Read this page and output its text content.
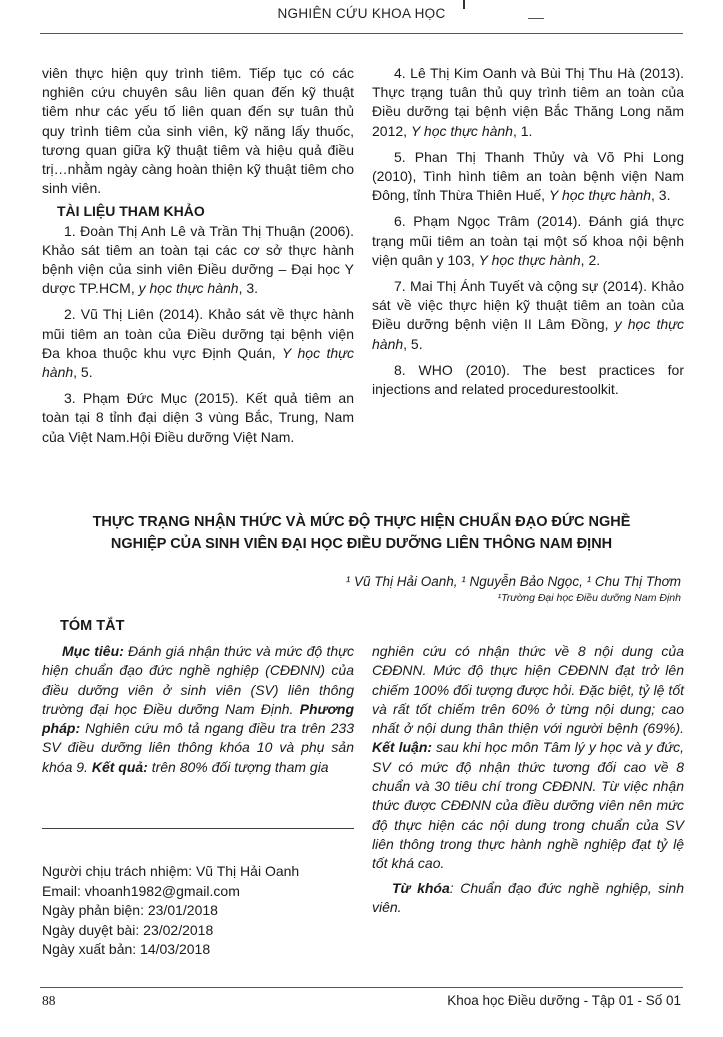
NGHIÊN CỨU KHOA HỌC

viên thực hiện quy trình tiêm. Tiếp tục có các nghiên cứu chuyên sâu liên quan đến kỹ thuật tiêm như các yếu tố liên quan đến sự tuân thủ quy trình tiêm của sinh viên, kỹ năng lấy thuốc, tương quan giữa kỹ thuật tiêm và hiệu quả điều trị…nhằm ngày càng hoàn thiện kỹ thuật tiêm cho sinh viên.

TÀI LIỆU THAM KHẢO

1. Đoàn Thị Anh Lê và Trần Thị Thuận (2006). Khảo sát tiêm an toàn tại các cơ sở thực hành bệnh viện của sinh viên Điều dưỡng – Đại học Y dược TP.HCM, y học thực hành, 3.

2. Vũ Thị Liên (2014). Khảo sát về thực hành mũi tiêm an toàn của Điều dưỡng tại bệnh viện Đa khoa thuộc khu vực Định Quán, Y học thực hành, 5.

3. Phạm Đức Mục (2015). Kết quả tiêm an toàn tại 8 tỉnh đại diện 3 vùng Bắc, Trung, Nam của Việt Nam.Hội Điều dưỡng Việt Nam.

4. Lê Thị Kim Oanh và Bùi Thị Thu Hà (2013). Thực trạng tuân thủ quy trình tiêm an toàn của Điều dưỡng tại bệnh viện Bắc Thăng Long năm 2012, Y học thực hành, 1.

5. Phan Thị Thanh Thủy và Võ Phi Long (2010), Tình hình tiêm an toàn bệnh viện Nam Đông, tỉnh Thừa Thiên Huế, Y học thực hành, 3.

6. Phạm Ngọc Trâm (2014). Đánh giá thực trạng mũi tiêm an toàn tại một số khoa nội bệnh viện quân y 103, Y học thực hành, 2.

7. Mai Thị Ánh Tuyết và cộng sự (2014). Khảo sát về việc thực hiện kỹ thuật tiêm an toàn của Điều dưỡng bệnh viện II Lâm Đồng, y học thực hành, 5.

8. WHO (2010). The best practices for injections and related procedurestoolkit.

THỰC TRẠNG NHẬN THỨC VÀ MỨC ĐỘ THỰC HIỆN CHUẨN ĐẠO ĐỨC NGHỀ
NGHIỆP CỦA SINH VIÊN ĐẠI HỌC ĐIỀU DƯỠNG LIÊN THÔNG NAM ĐỊNH
¹ Vũ Thị Hải Oanh, ¹ Nguyễn Bảo Ngọc, ¹ Chu Thị Thơm
¹Trường Đại học Điều dưỡng Nam Định
TÓM TẮT
Mục tiêu: Đánh giá nhận thức và mức độ thực hiện chuẩn đạo đức nghề nghiệp (CĐĐNN) của điều dưỡng viên ở sinh viên (SV) liên thông trường đại học Điều dưỡng Nam Định. Phương pháp: Nghiên cứu mô tả ngang điều tra trên 233 SV điều dưỡng liên thông khóa 10 và phụ sản khóa 9. Kết quả: trên 80% đối tượng tham gia
Người chịu trách nhiệm: Vũ Thị Hải Oanh
Email: vhoanh1982@gmail.com
Ngày phản biện: 23/01/2018
Ngày duyệt bài: 23/02/2018
Ngày xuất bản: 14/03/2018

nghiên cứu có nhận thức về 8 nội dung của CĐĐNN. Mức độ thực hiện CĐĐNN đạt trở lên chiếm 100% đối tượng được hỏi. Đặc biệt, tỷ lệ tốt và rất tốt chiếm trên 60% ở từng nội dung; cao nhất ở nội dung thân thiện với người bệnh (69%). Kết luận: sau khi học môn Tâm lý y học và y đức, SV có mức độ nhận thức tương đối cao về 8 chuẩn và 30 tiêu chí trong CĐĐNN. Từ việc nhận thức được CĐĐNN của điều dưỡng viên nên mức độ thực hiện các nội dung trong chuẩn của SV liên thông trong thực hành nghề nghiệp đạt tỷ lệ tốt khá cao.

Từ khóa: Chuẩn đạo đức nghề nghiệp, sinh viên.

88	Khoa học Điều dưỡng - Tập 01 - Số 01
